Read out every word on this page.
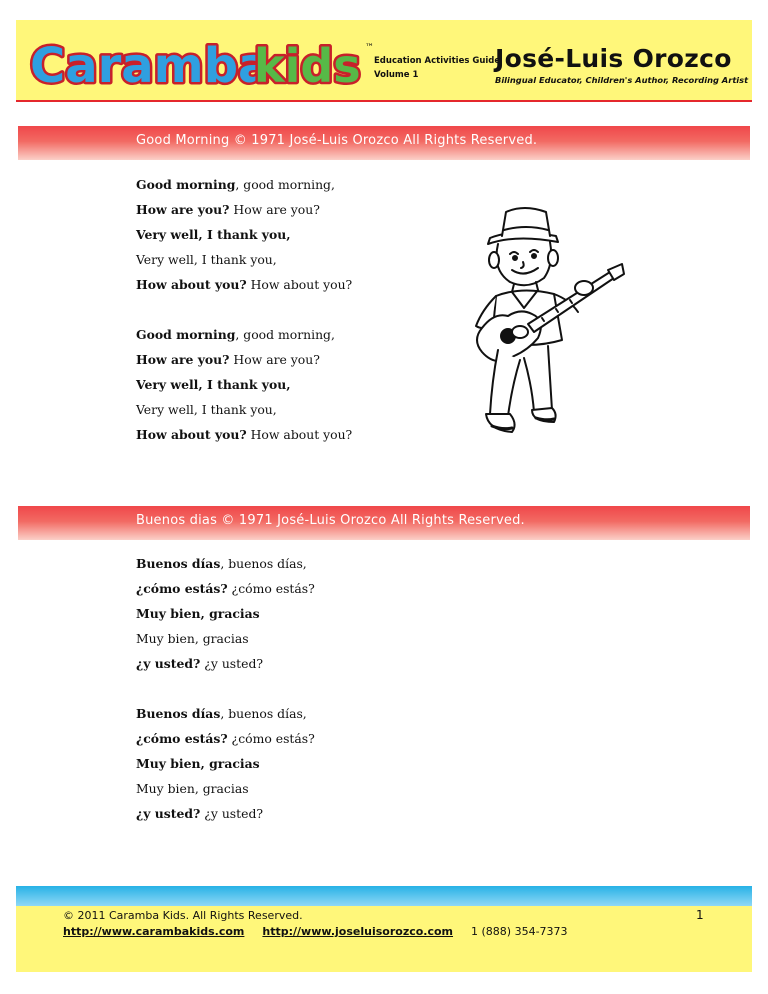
Caramba
kids ™
Education Activities Guide
Volume 1
José-Luis Orozco
Bilingual Educator, Children's Author, Recording Artist
Good Morning © 1971 José-Luis Orozco All Rights Reserved.
Good morning, good morning,
How are you? How are you?
Very well, I thank you,
Very well, I thank you,
How about you? How about you?
Good morning, good morning,
How are you? How are you?
Very well, I thank you,
Very well, I thank you,
How about you? How about you?
Buenos dias © 1971 José-Luis Orozco All Rights Reserved.
Buenos días, buenos días,
¿cómo estás? ¿cómo estás?
Muy bien, gracias
Muy bien, gracias
¿y usted? ¿y usted?
Buenos días, buenos días,
¿cómo estás? ¿cómo estás?
Muy bien, gracias
Muy bien, gracias
¿y usted? ¿y usted?
© 2011 Caramba Kids. All Rights Reserved.	1
http://www.carambakids.com http://www.joseluisorozco.com 1 (888) 354-7373
